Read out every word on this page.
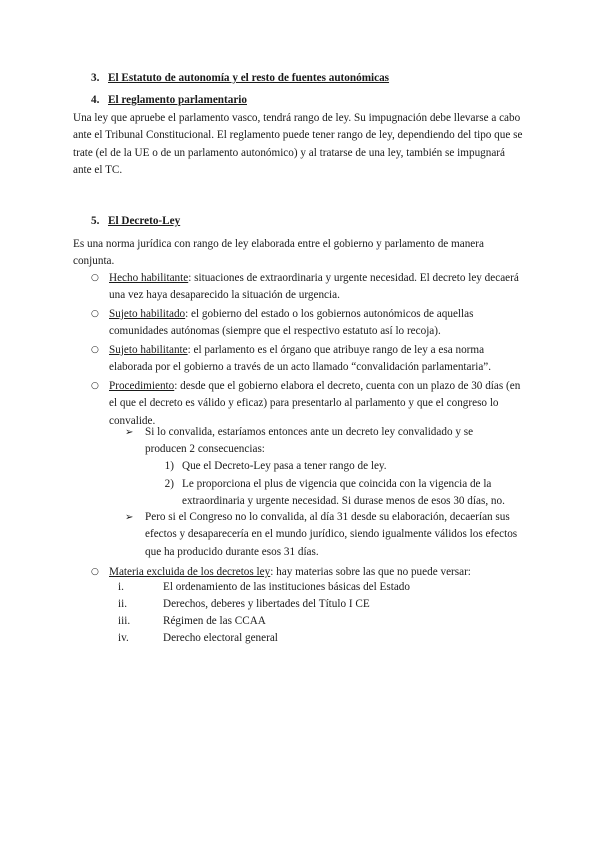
3. El Estatuto de autonomía y el resto de fuentes autonómicas
4. El reglamento parlamentario
Una ley que apruebe el parlamento vasco, tendrá rango de ley. Su impugnación debe llevarse a cabo ante el Tribunal Constitucional. El reglamento puede tener rango de ley, dependiendo del tipo que se trate (el de la UE o de un parlamento autonómico) y al tratarse de una ley, también se impugnará ante el TC.
5. El Decreto-Ley
Es una norma jurídica con rango de ley elaborada entre el gobierno y parlamento de manera conjunta.
○ Hecho habilitante: situaciones de extraordinaria y urgente necesidad. El decreto ley decaerá una vez haya desaparecido la situación de urgencia.
○ Sujeto habilitado: el gobierno del estado o los gobiernos autonómicos de aquellas comunidades autónomas (siempre que el respectivo estatuto así lo recoja).
○ Sujeto habilitante: el parlamento es el órgano que atribuye rango de ley a esa norma elaborada por el gobierno a través de un acto llamado “convalidación parlamentaria”.
○ Procedimiento: desde que el gobierno elabora el decreto, cuenta con un plazo de 30 días (en el que el decreto es válido y eficaz) para presentarlo al parlamento y que el congreso lo convalide.
➢ Si lo convalida, estaríamos entonces ante un decreto ley convalidado y se producen 2 consecuencias:
1) Que el Decreto-Ley pasa a tener rango de ley.
2) Le proporciona el plus de vigencia que coincida con la vigencia de la extraordinaria y urgente necesidad. Si durase menos de esos 30 días, no.
➢ Pero si el Congreso no lo convalida, al día 31 desde su elaboración, decaerían sus efectos y desaparecería en el mundo jurídico, siendo igualmente válidos los efectos que ha producido durante esos 31 días.
○ Materia excluida de los decretos ley: hay materias sobre las que no puede versar:
i.	El ordenamiento de las instituciones básicas del Estado
ii.	Derechos, deberes y libertades del Título I CE
iii.	Régimen de las CCAA
iv.	Derecho electoral general
